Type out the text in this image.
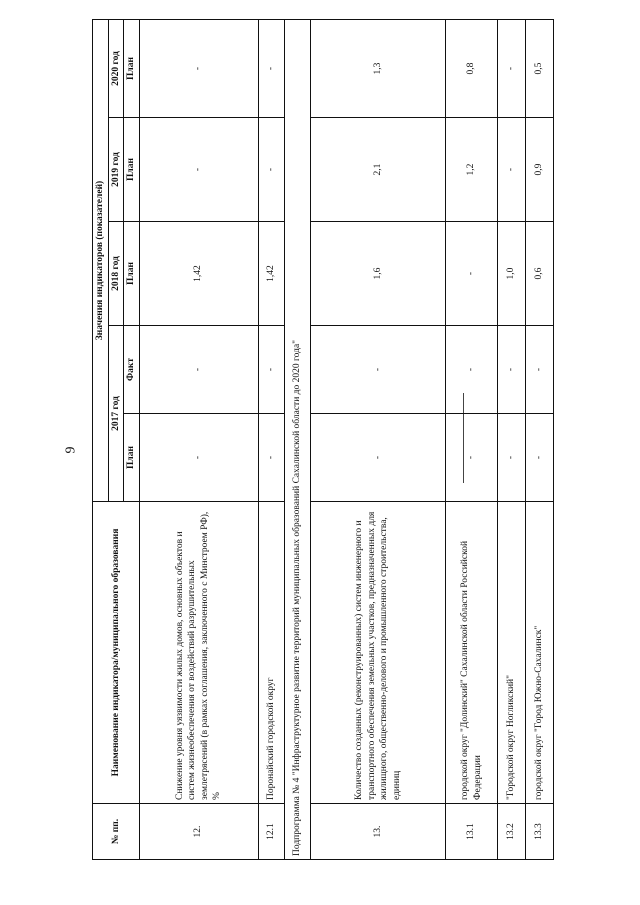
9
№ пп.	Наименование индикатора/муниципального образования	Значения индикаторов (показателей)				
		2017 год		2018 год	2019 год	2020 год
		План	Факт	План	План	План
12.	Снижение уровня уязвимости жилых домов, основных объектов и систем жизнеобеспечения от воздействий разрушительных землетрясений (в рамках соглашения, заключенного с Минстроем РФ), %	-	-	1,42	-	-
12.1	Поронайский городской округ	-	-	1,42	-	-
Подпрограмма № 4 "Инфраструктурное развитие территорий муниципальных образований Сахалинской области до 2020 года"						
13.	Количество созданных (реконструированных) систем инженерного и транспортного обеспечения земельных участков, предназначенных для жилищного, общественно-делового и промышленного строительства, единиц	-	-	1,6	2,1	1,3
13.1	городской округ "Долинский" Сахалинской области Российской Федерации	-	-	-	1,2	0,8
13.2	"Городской округ Ногликский"	-	-	1,0	-	-
13.3	городской округ "Город Южно-Сахалинск"	-	-	0,6	0,9	0,5
